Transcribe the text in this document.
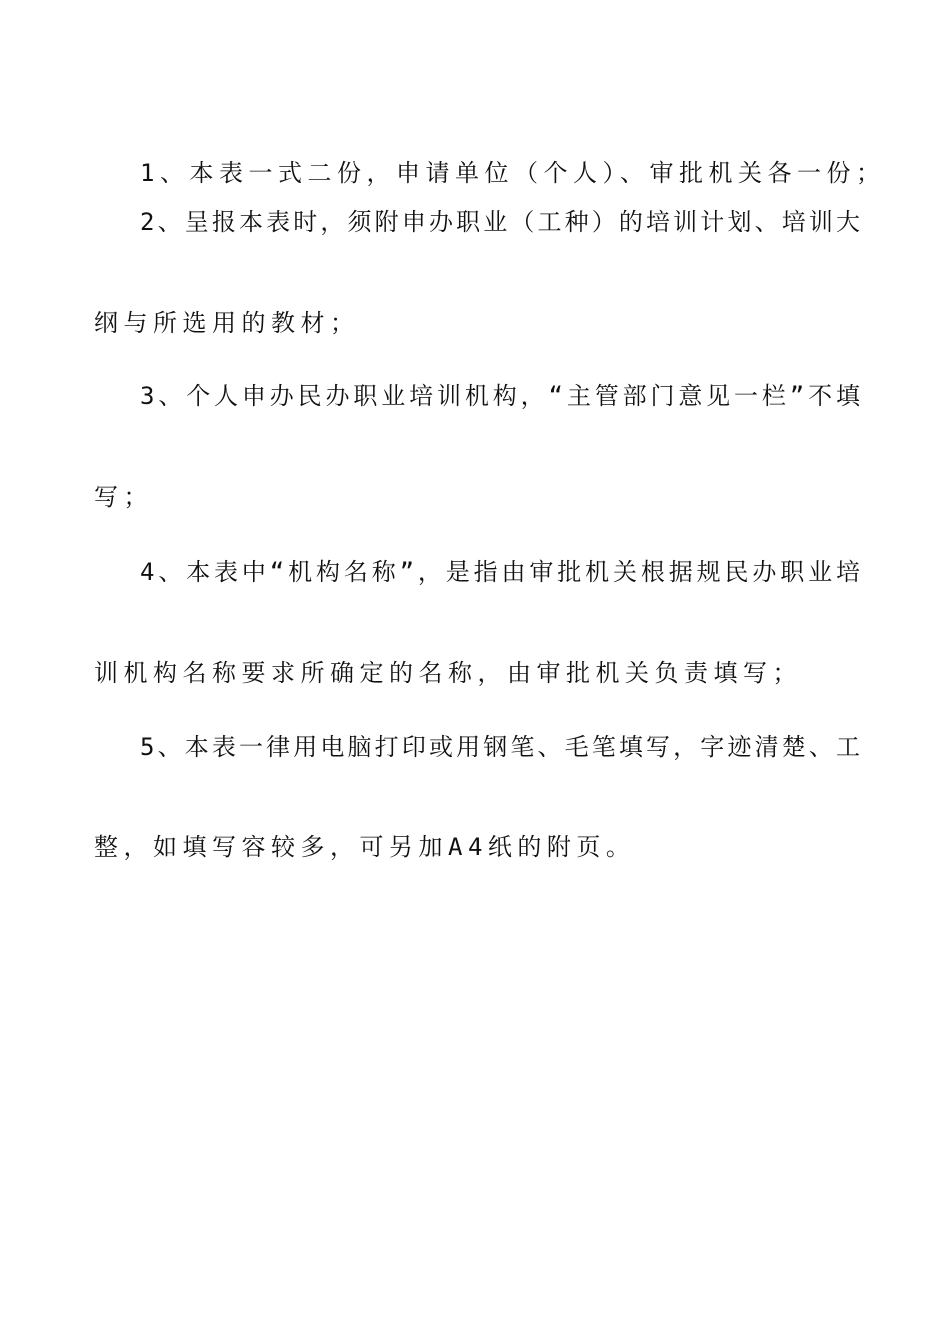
1、本表一式二份，申请单位（个人）、审批机关各一份；
2、呈报本表时，须附申办职业（工种）的培训计划、培训大
纲与所选用的教材；
3、个人申办民办职业培训机构，“主管部门意见一栏”不填
写；
4、本表中“机构名称”，是指由审批机关根据规民办职业培
训机构名称要求所确定的名称，由审批机关负责填写；
5、本表一律用电脑打印或用钢笔、毛笔填写，字迹清楚、工
整，如填写容较多，可另加A4纸的附页。
